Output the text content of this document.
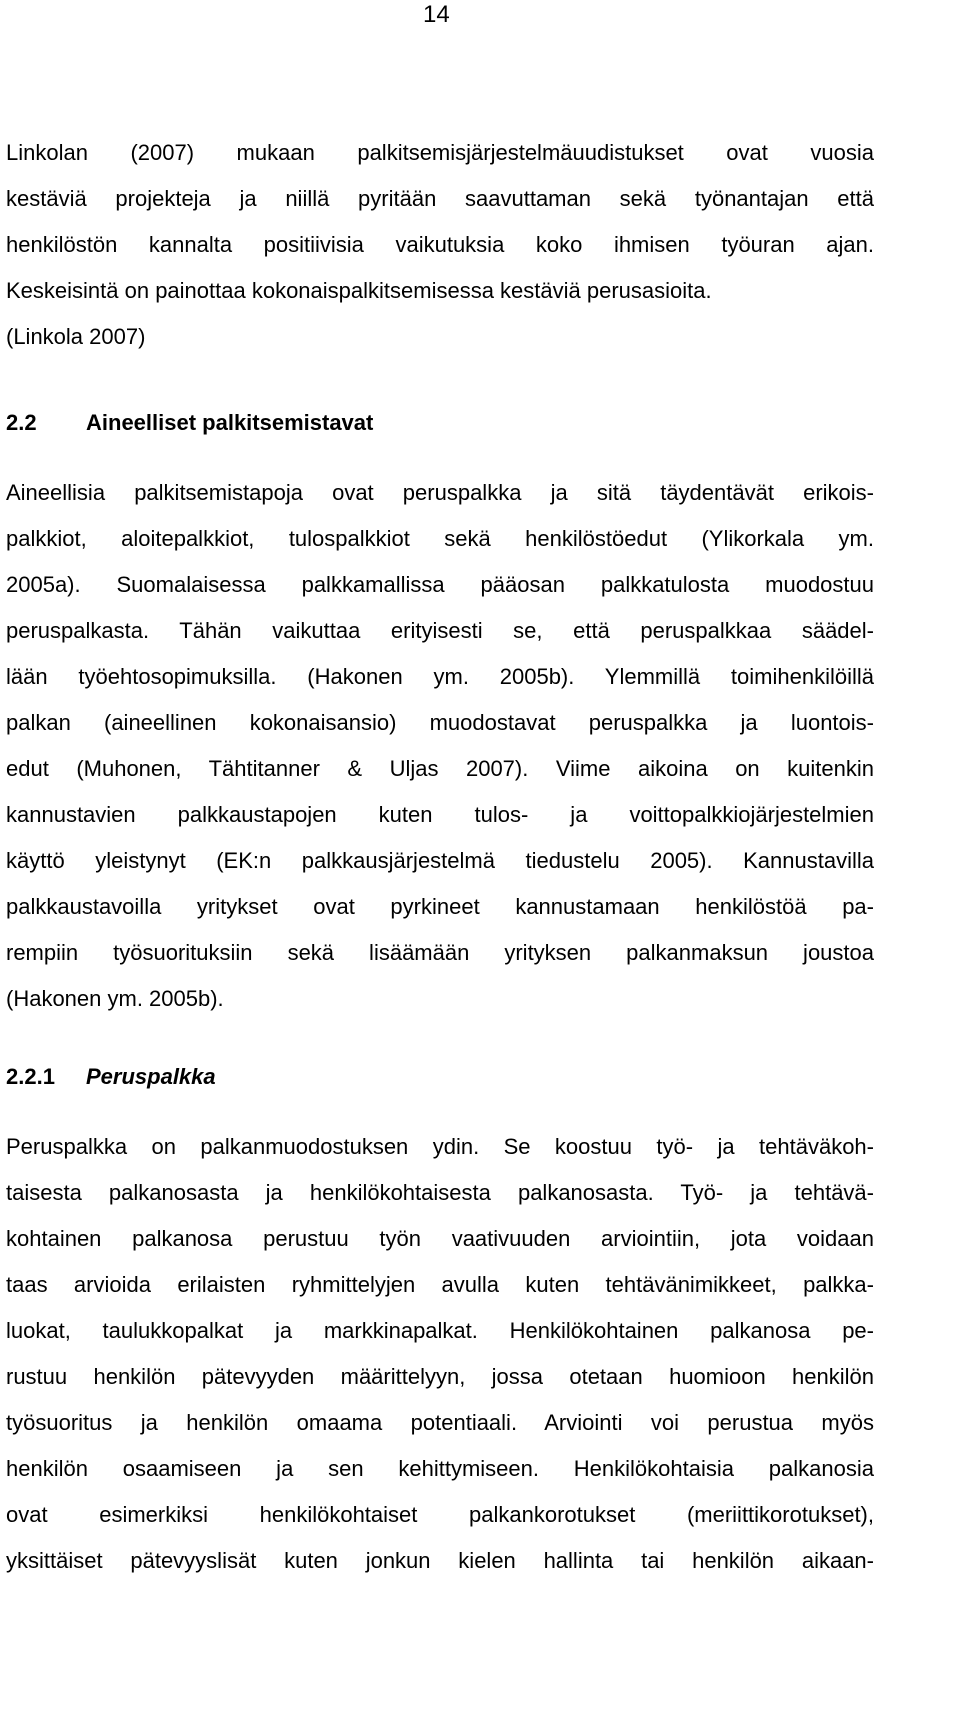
14
Linkolan (2007) mukaan palkitsemisjärjestelmäuudistukset ovat vuosia
kestäviä projekteja ja niillä pyritään saavuttaman sekä työnantajan että
henkilöstön kannalta positiivisia vaikutuksia koko ihmisen työuran ajan.
Keskeisintä on painottaa kokonaispalkitsemisessa kestäviä perusasioita.
(Linkola 2007)
2.2 Aineelliset palkitsemistavat
Aineellisia palkitsemistapoja ovat peruspalkka ja sitä täydentävät erikois-
palkkiot, aloitepalkkiot, tulospalkkiot sekä henkilöstöedut (Ylikorkala ym.
2005a). Suomalaisessa palkkamallissa pääosan palkkatulosta muodostuu
peruspalkasta. Tähän vaikuttaa erityisesti se, että peruspalkkaa säädel-
lään työehtosopimuksilla. (Hakonen ym. 2005b). Ylemmillä toimihenkilöillä
palkan (aineellinen kokonaisansio) muodostavat peruspalkka ja luontois-
edut (Muhonen, Tähtitanner & Uljas 2007). Viime aikoina on kuitenkin
kannustavien palkkaustapojen kuten tulos- ja voittopalkkiojärjestelmien
käyttö yleistynyt (EK:n palkkausjärjestelmä tiedustelu 2005). Kannustavilla
palkkaustavoilla yritykset ovat pyrkineet kannustamaan henkilöstöä pa-
rempiin työsuorituksiin sekä lisäämään yrityksen palkanmaksun joustoa
(Hakonen ym. 2005b).
2.2.1 Peruspalkka
Peruspalkka on palkanmuodostuksen ydin. Se koostuu työ- ja tehtäväkoh-
taisesta palkanosasta ja henkilökohtaisesta palkanosasta. Työ- ja tehtävä-
kohtainen palkanosa perustuu työn vaativuuden arviointiin, jota voidaan
taas arvioida erilaisten ryhmittelyjen avulla kuten tehtävänimikkeet, palkka-
luokat, taulukkopalkat ja markkinapalkat. Henkilökohtainen palkanosa pe-
rustuu henkilön pätevyyden määrittelyyn, jossa otetaan huomioon henkilön
työsuoritus ja henkilön omaama potentiaali. Arviointi voi perustua myös
henkilön osaamiseen ja sen kehittymiseen. Henkilökohtaisia palkanosia
ovat esimerkiksi henkilökohtaiset palkankorotukset (meriittikorotukset),
yksittäiset pätevyyslisät kuten jonkun kielen hallinta tai henkilön aikaan-
